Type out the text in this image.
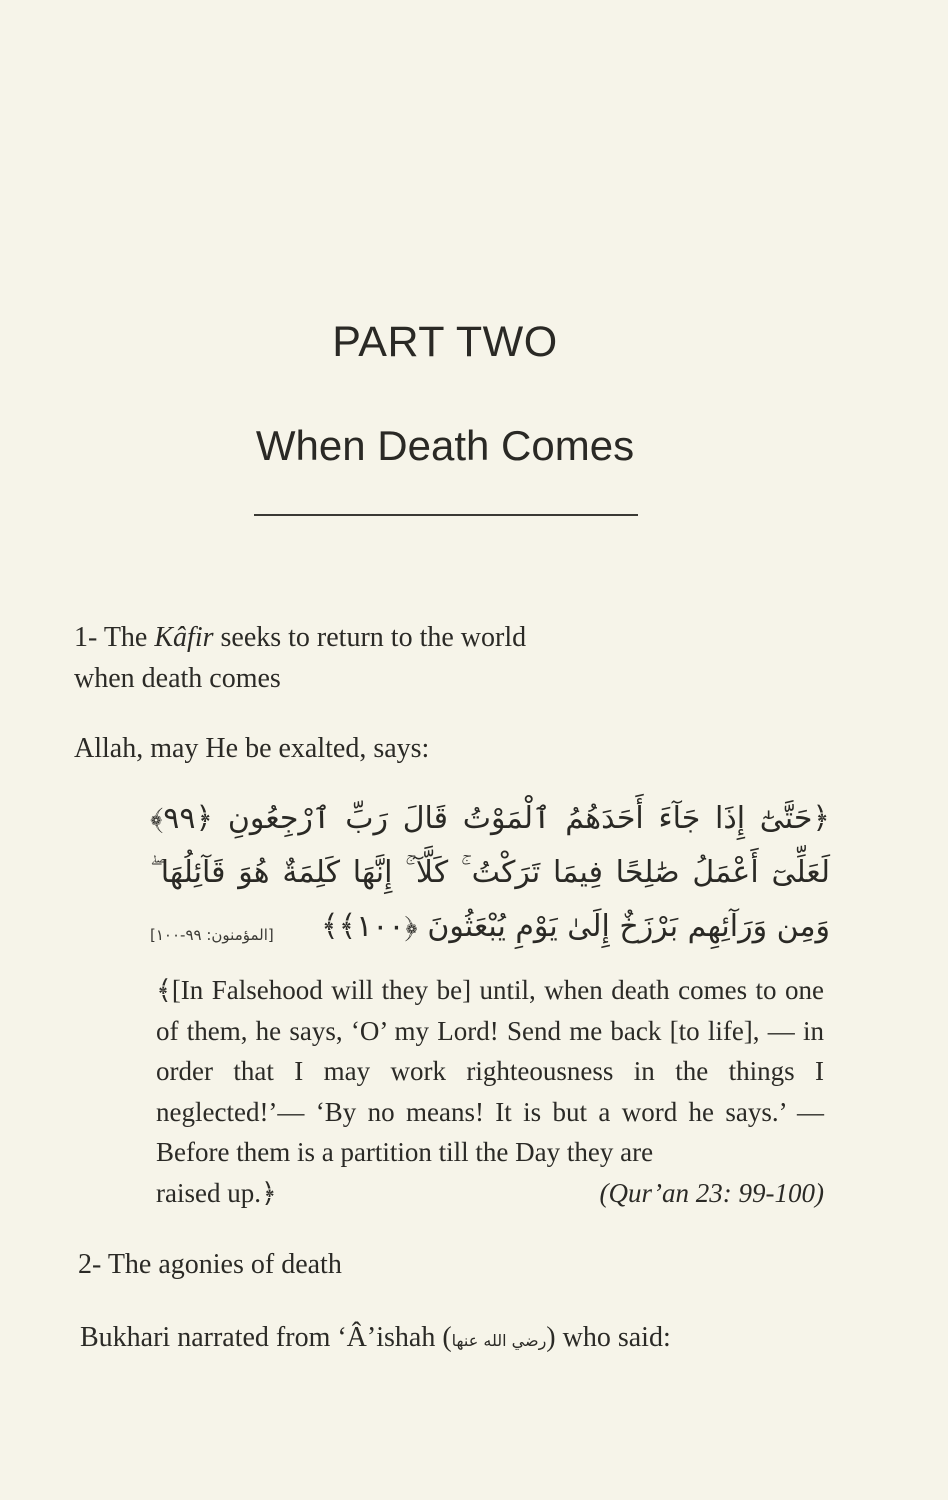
PART TWO
When Death Comes
1- The Kâfir seeks to return to the world when death comes
Allah, may He be exalted, says:
﴿حَتَّىٰٓ إِذَا جَآءَ أَحَدَهُمُ ٱلْمَوْتُ قَالَ رَبِّ ٱرْجِعُونِ ﴿٩٩﴾ لَعَلِّىٓ أَعْمَلُ صَٰلِحًا فِيمَا تَرَكْتُ ۚ كَلَّآ ۚ إِنَّهَا كَلِمَةٌ هُوَ قَآئِلُهَا ۖ وَمِن وَرَآئِهِم بَرْزَخٌ إِلَىٰ يَوْمِ يُبْعَثُونَ ﴿١٠٠﴾﴾
[المؤمنون: ٩٩-١٠٠]
﴾[In Falsehood will they be] until, when death comes to one of them, he says, ‘O’ my Lord! Send me back [to life], — in order that I may work righteousness in the things I neglected!’— ‘By no means! It is but a word he says.’ — Before them is a partition till the Day they are
raised up.﴿	(Qur’an 23: 99-100)
2- The agonies of death
Bukhari narrated from ‘Â’ishah (رضي الله عنها) who said:
